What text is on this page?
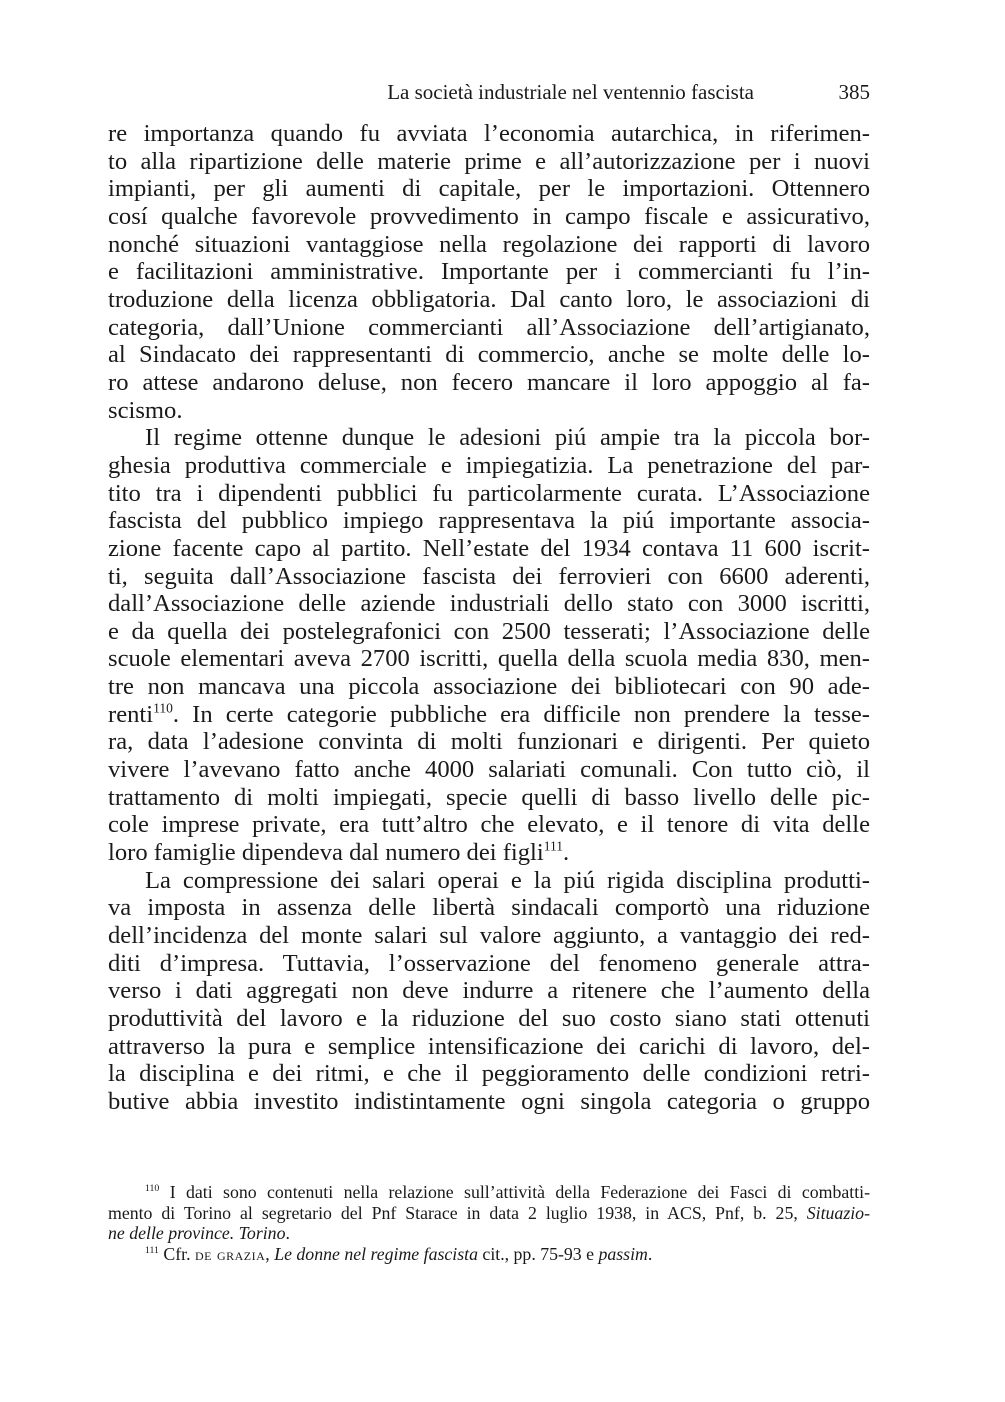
La società industriale nel ventennio fascista	385

re importanza quando fu avviata l’economia autarchica, in riferimen-
to alla ripartizione delle materie prime e all’autorizzazione per i nuovi
impianti, per gli aumenti di capitale, per le importazioni. Ottennero
cosí qualche favorevole provvedimento in campo fiscale e assicurativo,
nonché situazioni vantaggiose nella regolazione dei rapporti di lavoro
e facilitazioni amministrative. Importante per i commercianti fu l’in-
troduzione della licenza obbligatoria. Dal canto loro, le associazioni di
categoria, dall’Unione commercianti all’Associazione dell’artigianato,
al Sindacato dei rappresentanti di commercio, anche se molte delle lo-
ro attese andarono deluse, non fecero mancare il loro appoggio al fa-
scismo.

Il regime ottenne dunque le adesioni piú ampie tra la piccola bor-
ghesia produttiva commerciale e impiegatizia. La penetrazione del par-
tito tra i dipendenti pubblici fu particolarmente curata. L’Associazione
fascista del pubblico impiego rappresentava la piú importante associa-
zione facente capo al partito. Nell’estate del 1934 contava 11 600 iscrit-
ti, seguita dall’Associazione fascista dei ferrovieri con 6600 aderenti,
dall’Associazione delle aziende industriali dello stato con 3000 iscritti,
e da quella dei postelegrafonici con 2500 tesserati; l’Associazione delle
scuole elementari aveva 2700 iscritti, quella della scuola media 830, men-
tre non mancava una piccola associazione dei bibliotecari con 90 ade-
renti$^{110}$. In certe categorie pubbliche era difficile non prendere la tesse-
ra, data l’adesione convinta di molti funzionari e dirigenti. Per quieto
vivere l’avevano fatto anche 4000 salariati comunali. Con tutto ciò, il
trattamento di molti impiegati, specie quelli di basso livello delle pic-
cole imprese private, era tutt’altro che elevato, e il tenore di vita delle
loro famiglie dipendeva dal numero dei figli$^{111}$.

La compressione dei salari operai e la piú rigida disciplina produtti-
va imposta in assenza delle libertà sindacali comportò una riduzione
dell’incidenza del monte salari sul valore aggiunto, a vantaggio dei red-
diti d’impresa. Tuttavia, l’osservazione del fenomeno generale attra-
verso i dati aggregati non deve indurre a ritenere che l’aumento della
produttività del lavoro e la riduzione del suo costo siano stati ottenuti
attraverso la pura e semplice intensificazione dei carichi di lavoro, del-
la disciplina e dei ritmi, e che il peggioramento delle condizioni retri-
butive abbia investito indistintamente ogni singola categoria o gruppo

$^{110}$ I dati sono contenuti nella relazione sull’attività della Federazione dei Fasci di combatti-
mento di Torino al segretario del Pnf Starace in data 2 luglio 1938, in ACS, Pnf, b. 25, Situazio-
ne delle province. Torino.
$^{111}$ Cfr. de grazia, Le donne nel regime fascista cit., pp. 75-93 e passim.
